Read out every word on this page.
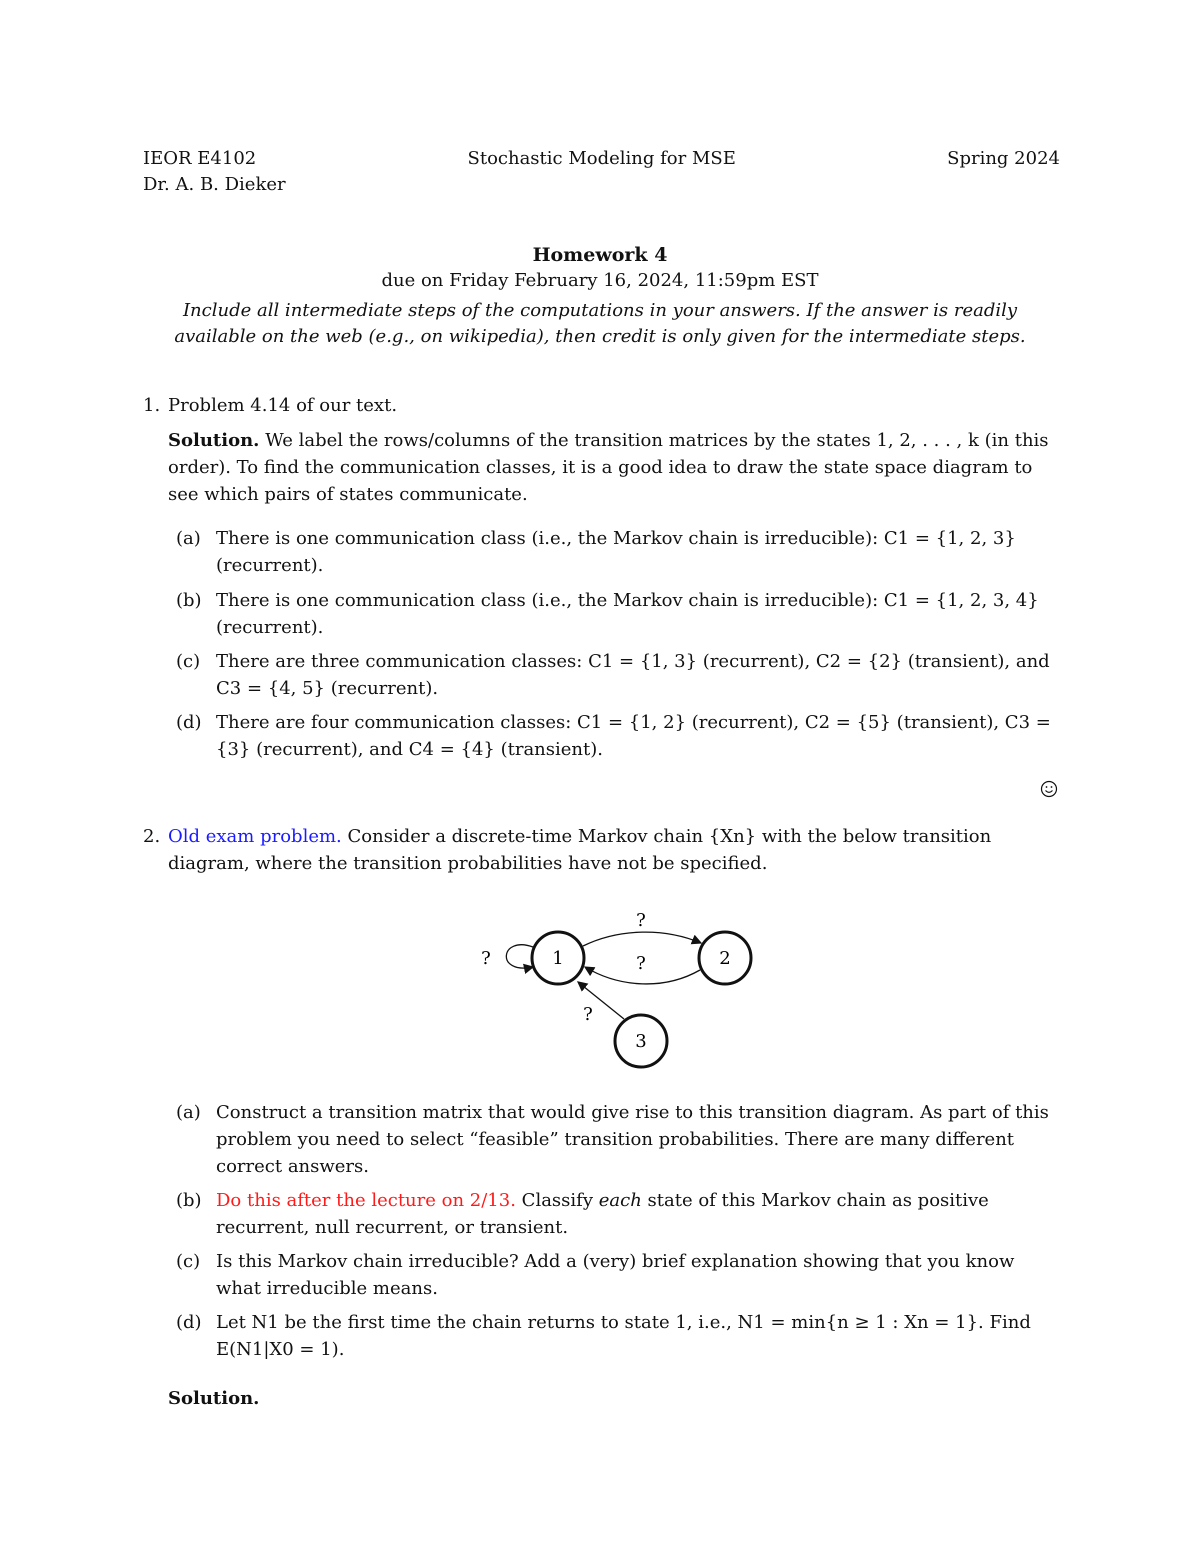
IEOR E4102	Stochastic Modeling for MSE	Spring 2024
Dr. A. B. Dieker
Homework 4
due on Friday February 16, 2024, 11:59pm EST
Include all intermediate steps of the computations in your answers. If the answer is readily available on the web (e.g., on wikipedia), then credit is only given for the intermediate steps.
1. Problem 4.14 of our text.
Solution. We label the rows/columns of the transition matrices by the states 1, 2, . . . , k (in this order). To find the communication classes, it is a good idea to draw the state space diagram to see which pairs of states communicate.
(a) There is one communication class (i.e., the Markov chain is irreducible): C1 = {1, 2, 3} (recurrent).
(b) There is one communication class (i.e., the Markov chain is irreducible): C1 = {1, 2, 3, 4} (recurrent).
(c) There are three communication classes: C1 = {1, 3} (recurrent), C2 = {2} (transient), and C3 = {4, 5} (recurrent).
(d) There are four communication classes: C1 = {1, 2} (recurrent), C2 = {5} (transient), C3 = {3} (recurrent), and C4 = {4} (transient).
2. Old exam problem. Consider a discrete-time Markov chain {Xn} with the below transition diagram, where the transition probabilities have not be specified.
1	2
3
?
?
?
?
(a) Construct a transition matrix that would give rise to this transition diagram. As part of this problem you need to select “feasible” transition probabilities. There are many different correct answers.
(b) Do this after the lecture on 2/13. Classify each state of this Markov chain as positive recurrent, null recurrent, or transient.
(c) Is this Markov chain irreducible? Add a (very) brief explanation showing that you know what irreducible means.
(d) Let N1 be the first time the chain returns to state 1, i.e., N1 = min{n ≥ 1 : Xn = 1}. Find E(N1|X0 = 1).
Solution.
